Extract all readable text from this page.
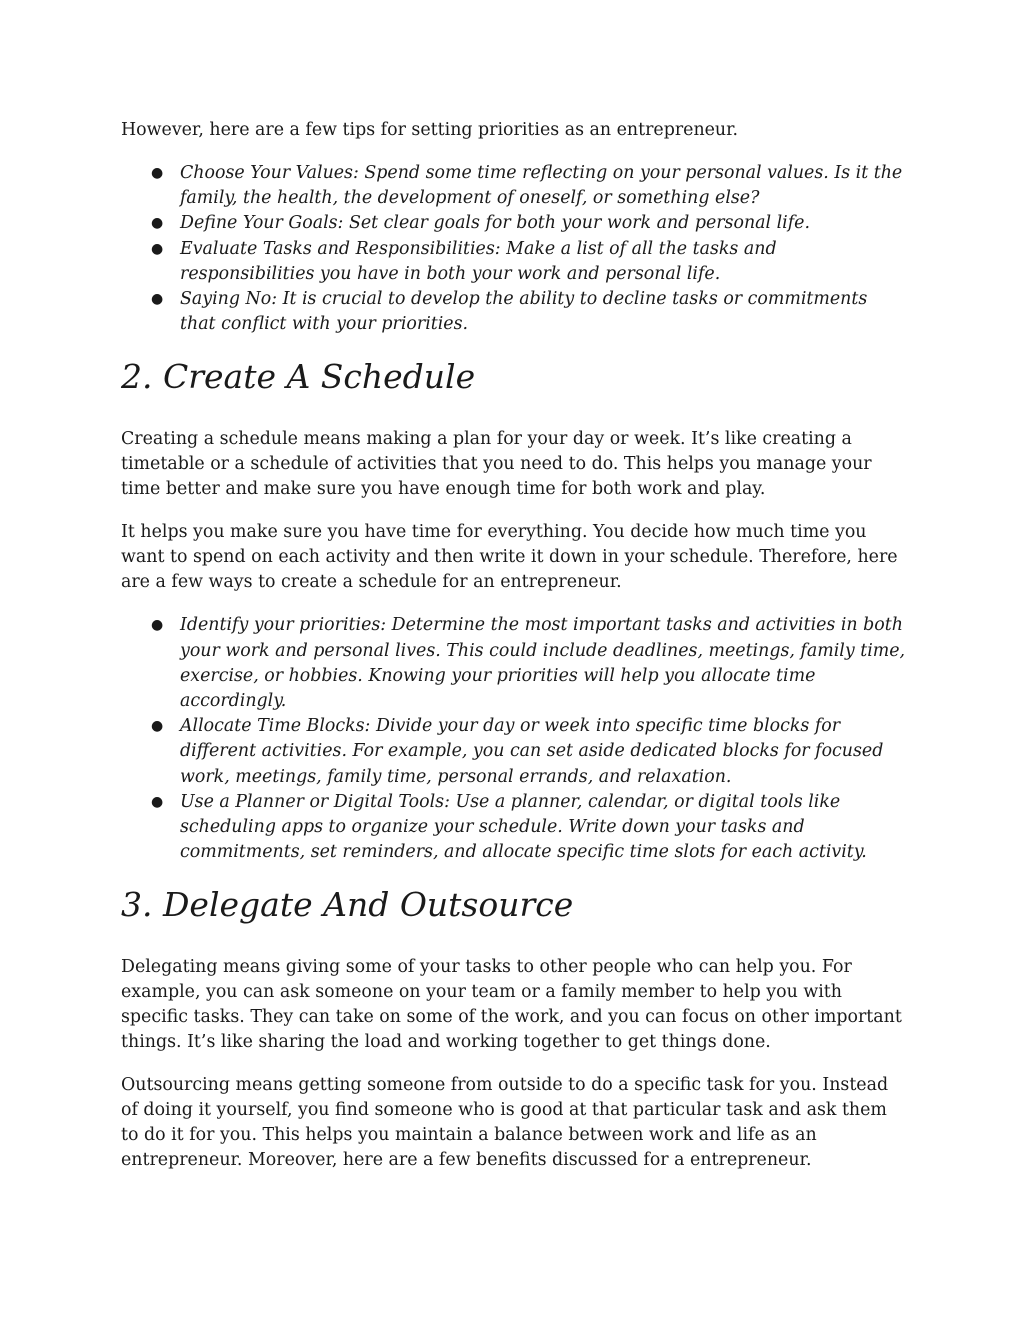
However, here are a few tips for setting priorities as an entrepreneur.

● Choose Your Values: Spend some time reflecting on your personal values. Is it the family, the health, the development of oneself, or something else?
● Define Your Goals: Set clear goals for both your work and personal life.
● Evaluate Tasks and Responsibilities: Make a list of all the tasks and responsibilities you have in both your work and personal life.
● Saying No: It is crucial to develop the ability to decline tasks or commitments that conflict with your priorities.
2. Create A Schedule

Creating a schedule means making a plan for your day or week. It’s like creating a timetable or a schedule of activities that you need to do. This helps you manage your time better and make sure you have enough time for both work and play.

It helps you make sure you have time for everything. You decide how much time you want to spend on each activity and then write it down in your schedule. Therefore, here are a few ways to create a schedule for an entrepreneur.

● Identify your priorities: Determine the most important tasks and activities in both your work and personal lives. This could include deadlines, meetings, family time, exercise, or hobbies. Knowing your priorities will help you allocate time accordingly.
● Allocate Time Blocks: Divide your day or week into specific time blocks for different activities. For example, you can set aside dedicated blocks for focused work, meetings, family time, personal errands, and relaxation.
● Use a Planner or Digital Tools: Use a planner, calendar, or digital tools like scheduling apps to organize your schedule. Write down your tasks and commitments, set reminders, and allocate specific time slots for each activity.
3. Delegate And Outsource

Delegating means giving some of your tasks to other people who can help you. For example, you can ask someone on your team or a family member to help you with specific tasks. They can take on some of the work, and you can focus on other important things. It’s like sharing the load and working together to get things done.

Outsourcing means getting someone from outside to do a specific task for you. Instead of doing it yourself, you find someone who is good at that particular task and ask them to do it for you. This helps you maintain a balance between work and life as an entrepreneur. Moreover, here are a few benefits discussed for a entrepreneur.
